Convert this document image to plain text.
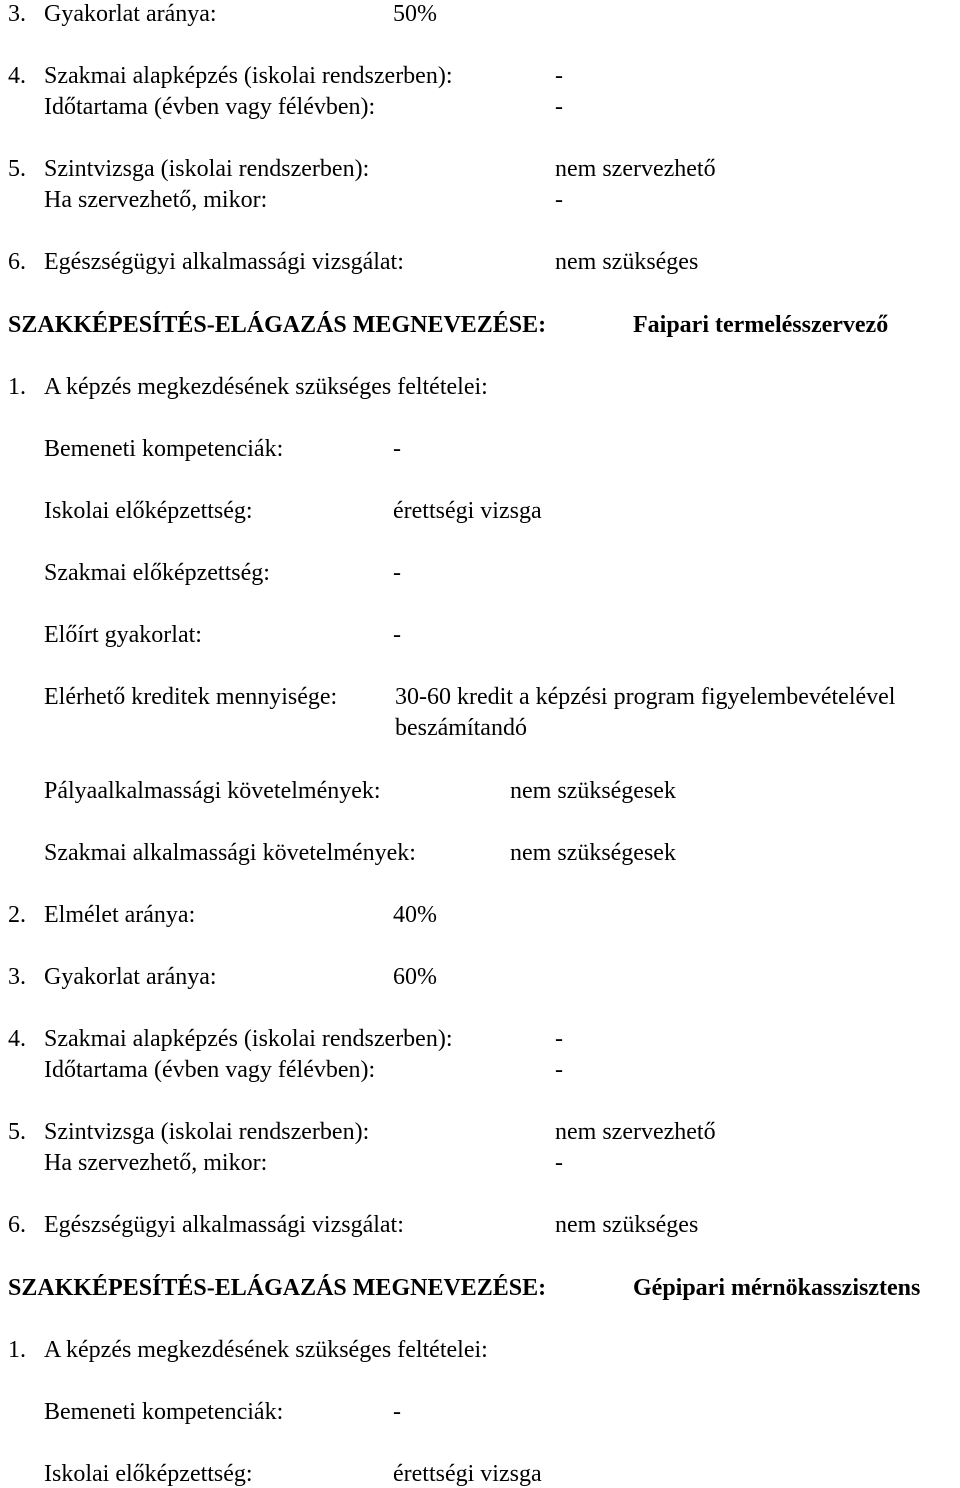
3. Gyakorlat aránya:	50%
4. Szakmai alapképzés (iskolai rendszerben):	-
Időtartama (évben vagy félévben):	-
5. Szintvizsga (iskolai rendszerben):	nem szervezhető
Ha szervezhető, mikor:	-
6. Egészségügyi alkalmassági vizsgálat:	nem szükséges
SZAKKÉPESÍTÉS-ELÁGAZÁS MEGNEVEZÉSE:	Faipari termelésszervező
1. A képzés megkezdésének szükséges feltételei:
Bemeneti kompetenciák:	-
Iskolai előképzettség:	érettségi vizsga
Szakmai előképzettség:	-
Előírt gyakorlat:	-
Elérhető kreditek mennyisége: 30-60 kredit a képzési program figyelembevételével
beszámítandó
Pályaalkalmassági követelmények:	nem szükségesek
Szakmai alkalmassági követelmények:	nem szükségesek
2. Elmélet aránya:	40%
3. Gyakorlat aránya:	60%
4. Szakmai alapképzés (iskolai rendszerben):	-
Időtartama (évben vagy félévben):	-
5. Szintvizsga (iskolai rendszerben):	nem szervezhető
Ha szervezhető, mikor:	-
6. Egészségügyi alkalmassági vizsgálat:	nem szükséges
SZAKKÉPESÍTÉS-ELÁGAZÁS MEGNEVEZÉSE:	Gépipari mérnökasszisztens
1. A képzés megkezdésének szükséges feltételei:
Bemeneti kompetenciák:	-
Iskolai előképzettség:	érettségi vizsga
